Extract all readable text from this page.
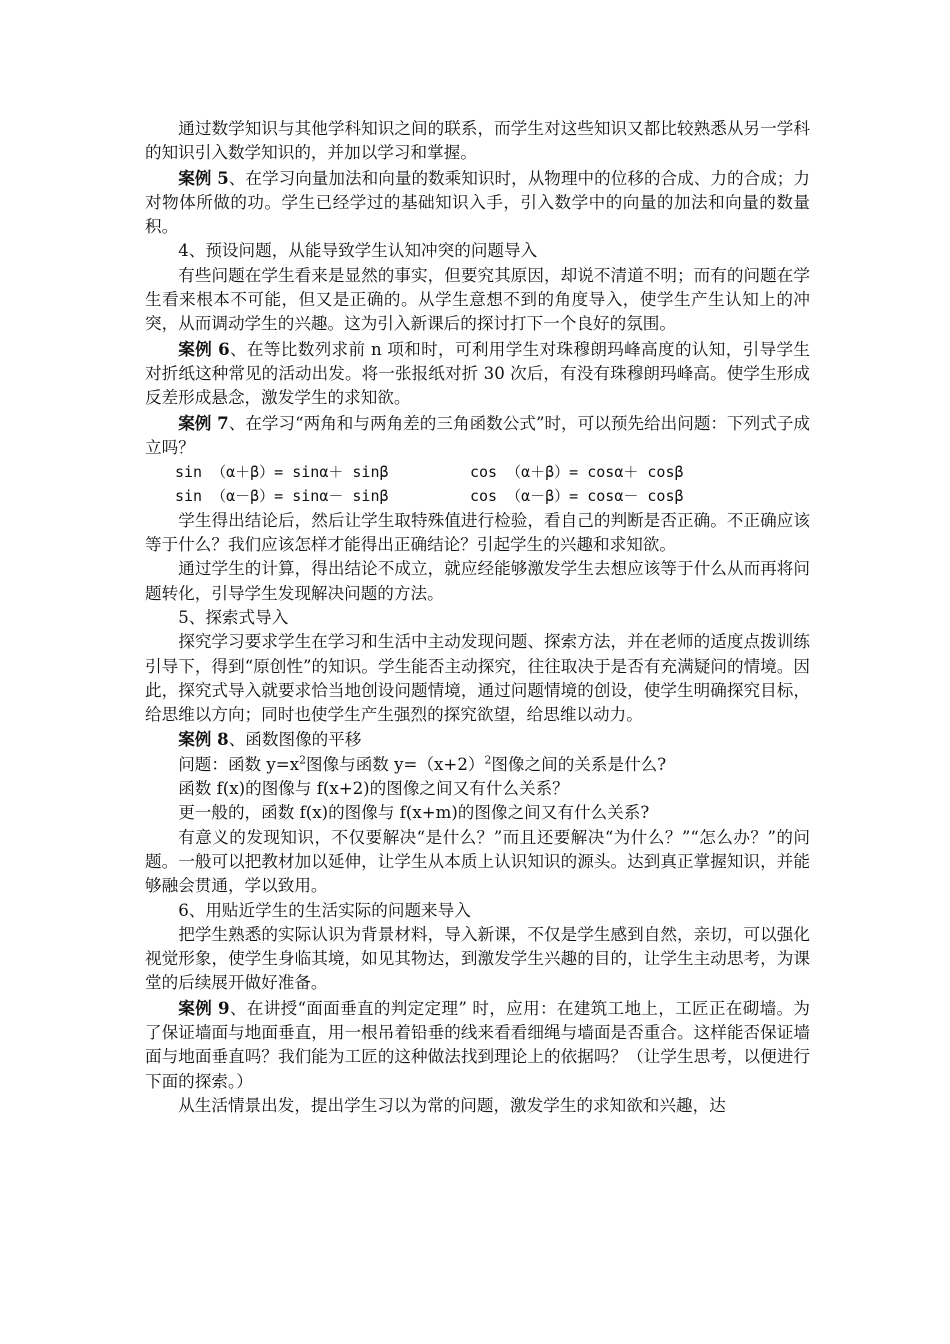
通过数学知识与其他学科知识之间的联系，而学生对这些知识又都比较熟悉从另一学科的知识引入数学知识的，并加以学习和掌握。

案例 5、在学习向量加法和向量的数乘知识时，从物理中的位移的合成、力的合成；力对物体所做的功。学生已经学过的基础知识入手，引入数学中的向量的加法和向量的数量积。

4、预设问题，从能导致学生认知冲突的问题导入

有些问题在学生看来是显然的事实，但要究其原因，却说不清道不明；而有的问题在学生看来根本不可能，但又是正确的。从学生意想不到的角度导入，使学生产生认知上的冲突，从而调动学生的兴趣。这为引入新课后的探讨打下一个良好的氛围。

案例 6、在等比数列求前 n 项和时，可利用学生对珠穆朗玛峰高度的认知，引导学生对折纸这种常见的活动出发。将一张报纸对折 30 次后，有没有珠穆朗玛峰高。使学生形成反差形成悬念，激发学生的求知欲。

案例 7、在学习“两角和与两角差的三角函数公式”时，可以预先给出问题：下列式子成立吗？

sin （α＋β）= sinα＋ sinβ	cos （α＋β）= cosα＋ cosβ
sin （α－β）= sinα－ sinβ	cos （α－β）= cosα－ cosβ

学生得出结论后，然后让学生取特殊值进行检验，看自己的判断是否正确。不正确应该等于什么？我们应该怎样才能得出正确结论？引起学生的兴趣和求知欲。

通过学生的计算，得出结论不成立，就应经能够激发学生去想应该等于什么从而再将问题转化，引导学生发现解决问题的方法。

5、探索式导入

探究学习要求学生在学习和生活中主动发现问题、探索方法，并在老师的适度点拨训练引导下，得到“原创性”的知识。学生能否主动探究，往往取决于是否有充满疑问的情境。因此，探究式导入就要求恰当地创设问题情境，通过问题情境的创设，使学生明确探究目标，给思维以方向；同时也使学生产生强烈的探究欲望，给思维以动力。

案例 8、函数图像的平移

问题：函数 $y=x^2$图像与函数 $y=(x+2)^2$图像之间的关系是什么?

函数 f(x)的图像与 f(x+2)的图像之间又有什么关系？

更一般的，函数 f(x)的图像与 f(x+m)的图像之间又有什么关系?

有意义的发现知识，不仅要解决“是什么？”而且还要解决“为什么？”“怎么办？”的问题。一般可以把教材加以延伸，让学生从本质上认识知识的源头。达到真正掌握知识，并能够融会贯通，学以致用。

6、用贴近学生的生活实际的问题来导入

把学生熟悉的实际认识为背景材料，导入新课，不仅是学生感到自然，亲切，可以强化视觉形象，使学生身临其境，如见其物达，到激发学生兴趣的目的，让学生主动思考，为课堂的后续展开做好准备。

案例 9、在讲授“面面垂直的判定定理” 时，应用：在建筑工地上，工匠正在砌墙。为了保证墙面与地面垂直，用一根吊着铅垂的线来看看细绳与墙面是否重合。这样能否保证墙面与地面垂直吗？我们能为工匠的这种做法找到理论上的依据吗？（让学生思考，以便进行下面的探索。）

从生活情景出发，提出学生习以为常的问题，激发学生的求知欲和兴趣，达
